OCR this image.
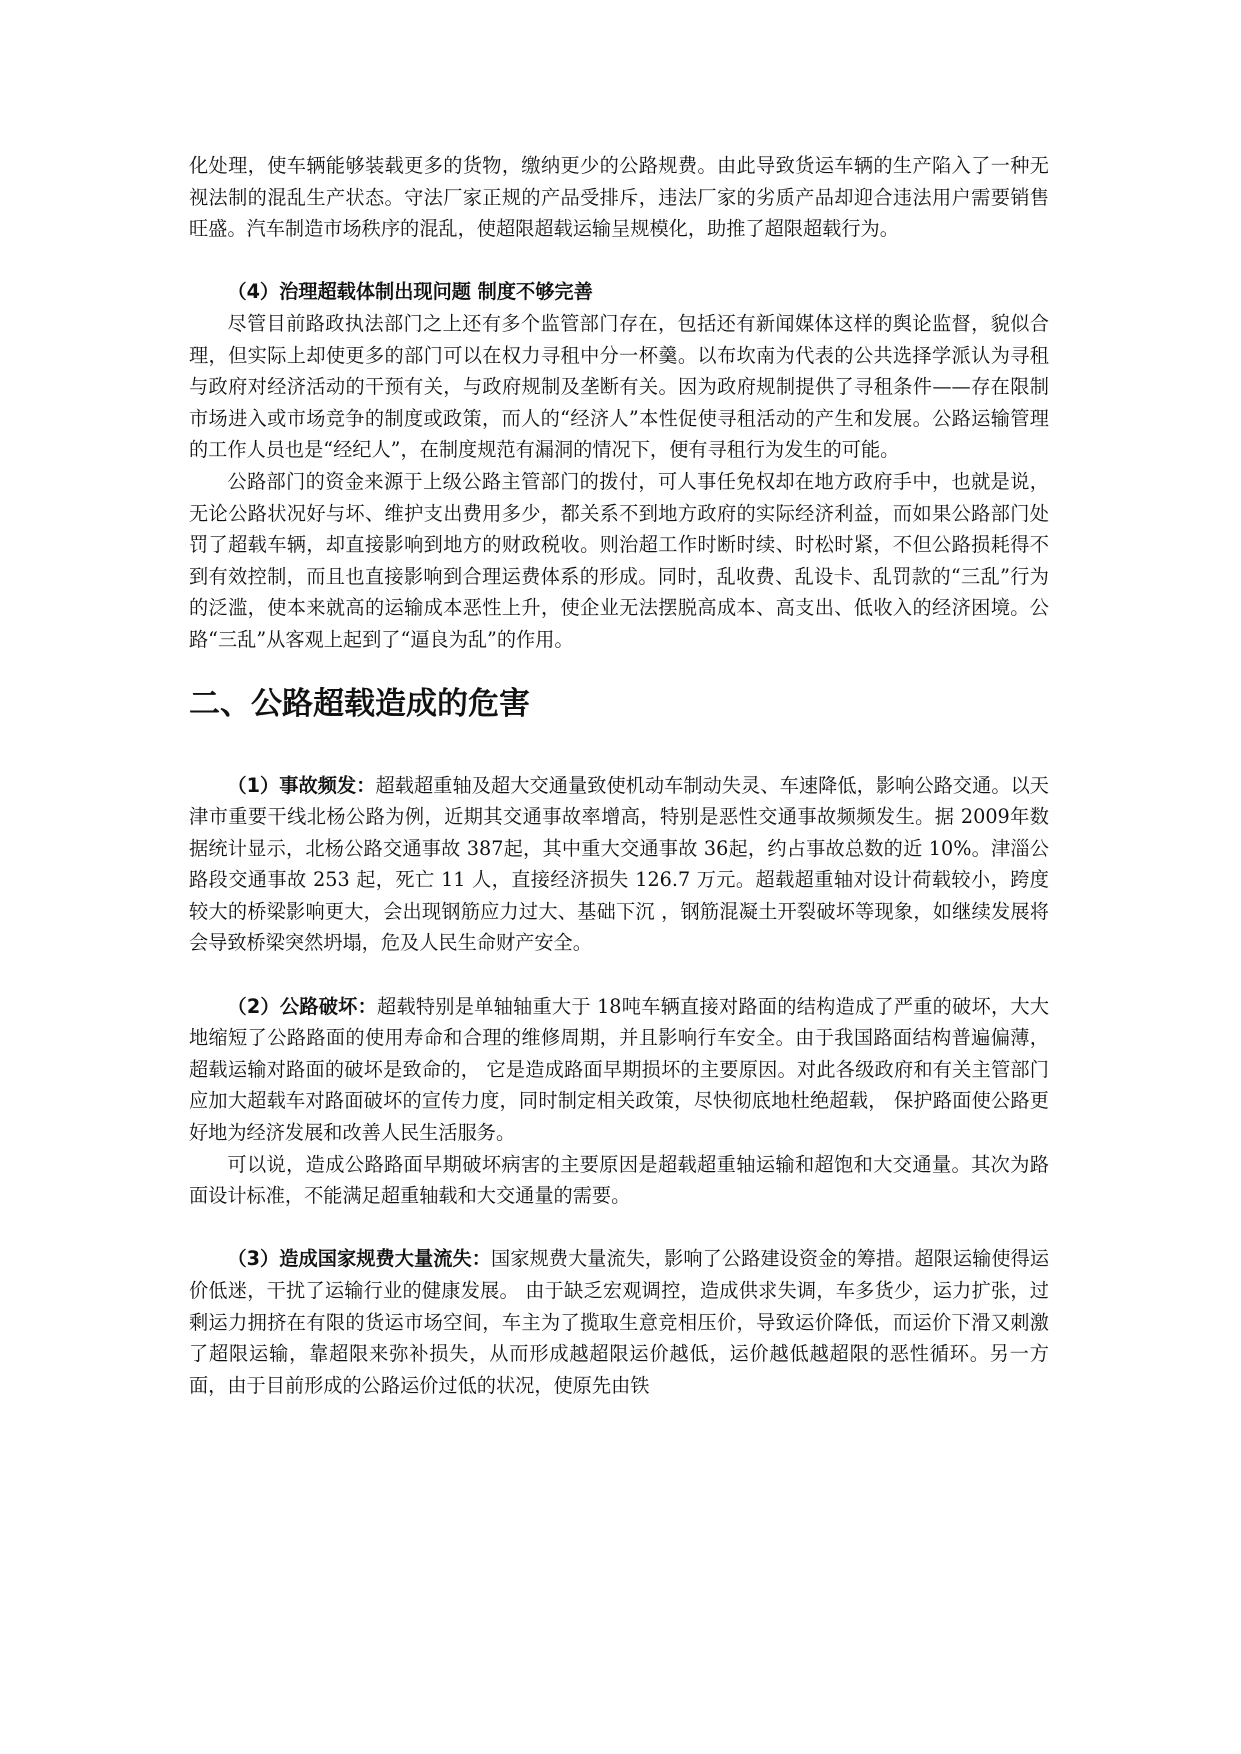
化处理，使车辆能够装载更多的货物，缴纳更少的公路规费。由此导致货运车辆的生产陷入了一种无视法制的混乱生产状态。守法厂家正规的产品受排斥，违法厂家的劣质产品却迎合违法用户需要销售旺盛。汽车制造市场秩序的混乱，使超限超载运输呈规模化，助推了超限超载行为。

（4）治理超载体制出现问题 制度不够完善

尽管目前路政执法部门之上还有多个监管部门存在，包括还有新闻媒体这样的舆论监督，貌似合理，但实际上却使更多的部门可以在权力寻租中分一杯羹。以布坎南为代表的公共选择学派认为寻租与政府对经济活动的干预有关，与政府规制及垄断有关。因为政府规制提供了寻租条件——存在限制市场进入或市场竞争的制度或政策，而人的“经济人”本性促使寻租活动的产生和发展。公路运输管理的工作人员也是“经纪人”，在制度规范有漏洞的情况下，便有寻租行为发生的可能。

公路部门的资金来源于上级公路主管部门的拨付，可人事任免权却在地方政府手中，也就是说，无论公路状况好与坏、维护支出费用多少，都关系不到地方政府的实际经济利益，而如果公路部门处罚了超载车辆，却直接影响到地方的财政税收。则治超工作时断时续、时松时紧，不但公路损耗得不到有效控制，而且也直接影响到合理运费体系的形成。同时，乱收费、乱设卡、乱罚款的“三乱”行为的泛滥，使本来就高的运输成本恶性上升，使企业无法摆脱高成本、高支出、低收入的经济困境。公路“三乱”从客观上起到了“逼良为乱”的作用。

二、公路超载造成的危害

（1）事故频发：超载超重轴及超大交通量致使机动车制动失灵、车速降低，影响公路交通。以天津市重要干线北杨公路为例，近期其交通事故率增高，特别是恶性交通事故频频发生。据 2009年数据统计显示，北杨公路交通事故 387起，其中重大交通事故 36起，约占事故总数的近 10%。津淄公路段交通事故 253 起，死亡 11 人，直接经济损失 126.7 万元。超载超重轴对设计荷载较小，跨度较大的桥梁影响更大，会出现钢筋应力过大、基础下沉 ，钢筋混凝土开裂破坏等现象，如继续发展将会导致桥梁突然坍塌，危及人民生命财产安全。

（2）公路破坏：超载特别是单轴轴重大于 18吨车辆直接对路面的结构造成了严重的破坏，大大地缩短了公路路面的使用寿命和合理的维修周期，并且影响行车安全。由于我国路面结构普遍偏薄， 超载运输对路面的破坏是致命的， 它是造成路面早期损坏的主要原因。对此各级政府和有关主管部门应加大超载车对路面破坏的宣传力度，同时制定相关政策，尽快彻底地杜绝超载， 保护路面使公路更好地为经济发展和改善人民生活服务。

可以说，造成公路路面早期破坏病害的主要原因是超载超重轴运输和超饱和大交通量。其次为路面设计标准，不能满足超重轴载和大交通量的需要。

（3）造成国家规费大量流失：国家规费大量流失，影响了公路建设资金的筹措。超限运输使得运价低迷，干扰了运输行业的健康发展。 由于缺乏宏观调控，造成供求失调，车多货少，运力扩张，过剩运力拥挤在有限的货运市场空间，车主为了揽取生意竞相压价，导致运价降低，而运价下滑又刺激了超限运输，靠超限来弥补损失，从而形成越超限运价越低，运价越低越超限的恶性循环。另一方面，由于目前形成的公路运价过低的状况，使原先由铁
